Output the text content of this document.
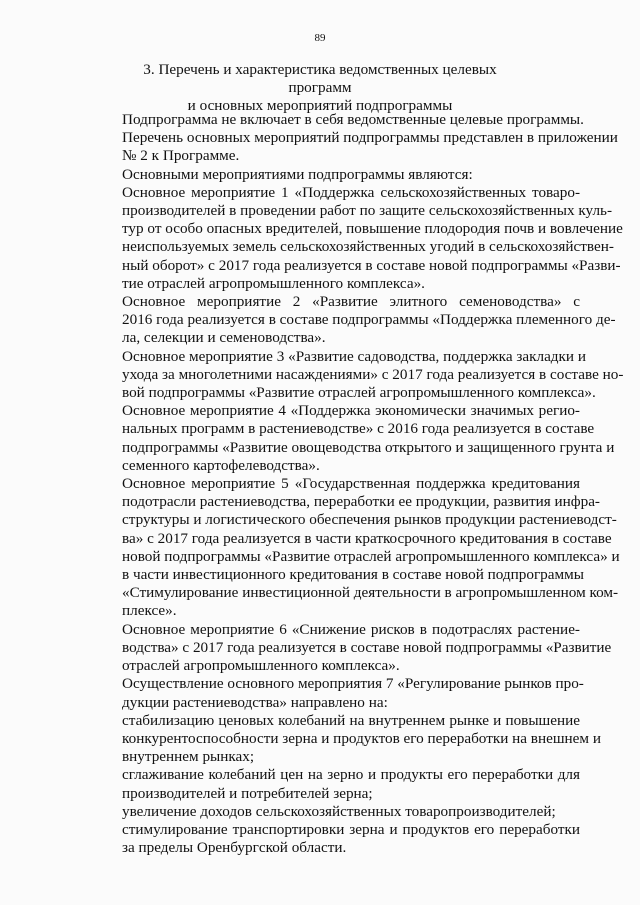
89
3. Перечень и характеристика ведомственных целевых программ
и основных мероприятий подпрограммы

Подпрограмма не включает в себя ведомственные целевые программы.
Перечень основных мероприятий подпрограммы представлен в приложении
№ 2 к Программе.

Основными мероприятиями подпрограммы являются:

Основное мероприятие 1 «Поддержка сельскохозяйственных товаро-
производителей в проведении работ по защите сельскохозяйственных куль-
тур от особо опасных вредителей, повышение плодородия почв и вовлечение
неиспользуемых земель сельскохозяйственных угодий в сельскохозяйствен-
ный оборот» с 2017 года реализуется в составе новой подпрограммы «Разви-
тие отраслей агропромышленного комплекса».

Основное мероприятие 2 «Развитие элитного семеноводства» с
2016 года реализуется в составе подпрограммы «Поддержка племенного де-
ла, селекции и семеноводства».

Основное мероприятие 3 «Развитие садоводства, поддержка закладки и
ухода за многолетними насаждениями» с 2017 года реализуется в составе но-
вой подпрограммы «Развитие отраслей агропромышленного комплекса».

Основное мероприятие 4 «Поддержка экономически значимых регио-
нальных программ в растениеводстве» с 2016 года реализуется в составе
подпрограммы «Развитие овощеводства открытого и защищенного грунта и
семенного картофелеводства».

Основное мероприятие 5 «Государственная поддержка кредитования
подотрасли растениеводства, переработки ее продукции, развития инфра-
структуры и логистического обеспечения рынков продукции растениеводст-
ва» с 2017 года реализуется в части краткосрочного кредитования в составе
новой подпрограммы «Развитие отраслей агропромышленного комплекса» и
в части инвестиционного кредитования в составе новой подпрограммы
«Стимулирование инвестиционной деятельности в агропромышленном ком-
плексе».

Основное мероприятие 6 «Снижение рисков в подотраслях растение-
водства» с 2017 года реализуется в составе новой подпрограммы «Развитие
отраслей агропромышленного комплекса».

Осуществление основного мероприятия 7 «Регулирование рынков про-
дукции растениеводства» направлено на:

стабилизацию ценовых колебаний на внутреннем рынке и повышение
конкурентоспособности зерна и продуктов его переработки на внешнем и
внутреннем рынках;

сглаживание колебаний цен на зерно и продукты его переработки для
производителей и потребителей зерна;

увеличение доходов сельскохозяйственных товаропроизводителей;

стимулирование транспортировки зерна и продуктов его переработки
за пределы Оренбургской области.
